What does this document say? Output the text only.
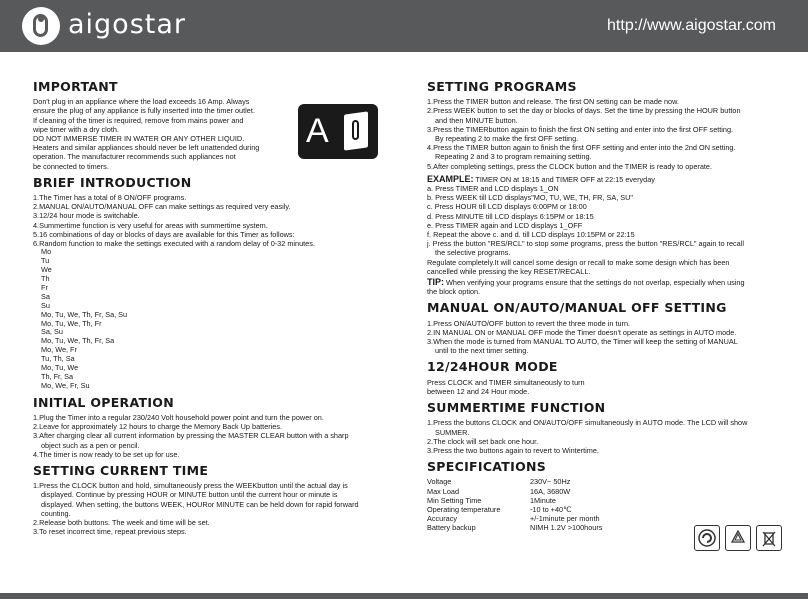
aigostar	http://www.aigostar.com
IMPORTANT

Don't plug in an appliance where the load exceeds 16 Amp. Always

ensure the plug of any appliance is fully inserted into the timer outlet.

If cleaning of the timer is required, remove from mains power and

wipe timer with a dry cloth.

DO NOT IMMERSE TIMER IN WATER OR ANY OTHER LIQUID.

Heaters and similar appliances should never be left unattended during

operation. The manufacturer recommends such appliances not

be connected to timers.

BRIEF INTRODUCTION

1.The Timer has a total of 8 ON/OFF programs.

2.MANUAL ON/AUTO/MANUAL OFF can make settings as required very easily.

3.12/24 hour mode is switchable.

4.Summertime function is very useful for areas with summertime system.

5.16 combinations of day or blocks of days are available for this Timer as follows:

6.Random function to make the settings executed with a random delay of 0-32 minutes.

Mo
Tu
We
Th
Fr
Sa
Su
Mo, Tu, We, Th, Fr, Sa, Su
Mo, Tu, We, Th, Fr
Sa, Su
Mo, Tu, We, Th, Fr, Sa
Mo, We, Fr
Tu, Th, Sa
Mo, Tu, We
Th, Fr, Sa
Mo, We, Fr, Su
INITIAL OPERATION

1.Plug the Timer into a regular 230/240 Volt household power point and turn the power on.

2.Leave for approximately 12 hours to charge the Memory Back Up batteries.

3.After charging clear all current information by pressing the MASTER CLEAR button with a sharp

object such as a pen or pencil.

4.The timer is now ready to be set up for use.

SETTING CURRENT TIME

1.Press the CLOCK button and hold, simultaneously press the WEEKbutton until the actual day is

displayed. Continue by pressing HOUR or MINUTE button until the current hour or minute is

displayed. When setting, the buttons WEEK, HOURor MINUTE can be held down for rapid forward

counting.

2.Release both buttons. The week and time will be set.

3.To reset incorrect time, repeat previous steps.

A
SETTING PROGRAMS

1.Press the TIMER button and release. The first ON setting can be made now.

2.Press WEEK button to set the day or blocks of days. Set the time by pressing the HOUR button

and then MINUTE button.

3.Press the TIMERbutton again to finish the first ON setting and enter into the first OFF setting.

By repeating 2 to make the first OFF setting.

4.Press the TIMER button again to finish the first OFF setting and enter into the 2nd ON setting.

Repeating 2 and 3 to program remaining setting.

5.After completing settings, press the CLOCK button and the TIMER is ready to operate.

EXAMPLE: TIMER ON at 18:15 and TIMER OFF at 22:15 everyday

a. Press TIMER and LCD displays 1_ON

b. Press WEEK till LCD displays"MO, TU, WE, TH, FR, SA, SU"

c. Press HOUR till LCD displays 6:00PM or 18:00

d. Press MINUTE till LCD displays 6:15PM or 18:15

e. Press TIMER again and LCD displays 1_OFF

f. Repeat the above c. and d. till LCD displays 10:15PM or 22:15

j. Press the button "RES/RCL" to stop some programs, press the button "RES/RCL" again to recall

the selective programs.

Regulate completely.It will cancel some design or recall to make some design which has been

cancelled while pressing the key RESET/RECALL.

TIP: When verifying your programs ensure that the settings do not overlap, especially when using

the block option.

MANUAL ON/AUTO/MANUAL OFF SETTING

1.Press ON/AUTO/OFF button to revert the three mode in turn.

2.IN MANUAL ON or MANUAL OFF mode the Timer doesn't operate as settings in AUTO mode.

3.When the mode is turned from MANUAL TO AUTO, the Timer will keep the setting of MANUAL

until to the next timer setting.

12/24HOUR MODE

Press CLOCK and TIMER simultaneously to turn

between 12 and 24 Hour mode.

SUMMERTIME FUNCTION

1.Press the buttons CLOCK and ON/AUTO/OFF simultaneously in AUTO mode. The LCD will show

SUMMER.

2.The clock will set back one hour.

3.Press the two buttons again to revert to Wintertime.

SPECIFICATIONS
Voltage	230V~ 50Hz
Max Load	16A, 3680W
Min Setting Time	1Minute
Operating temperature	-10 to +40℃
Accuracy	+/-1minute per month
Battery backup	NIMH 1.2V >100hours
